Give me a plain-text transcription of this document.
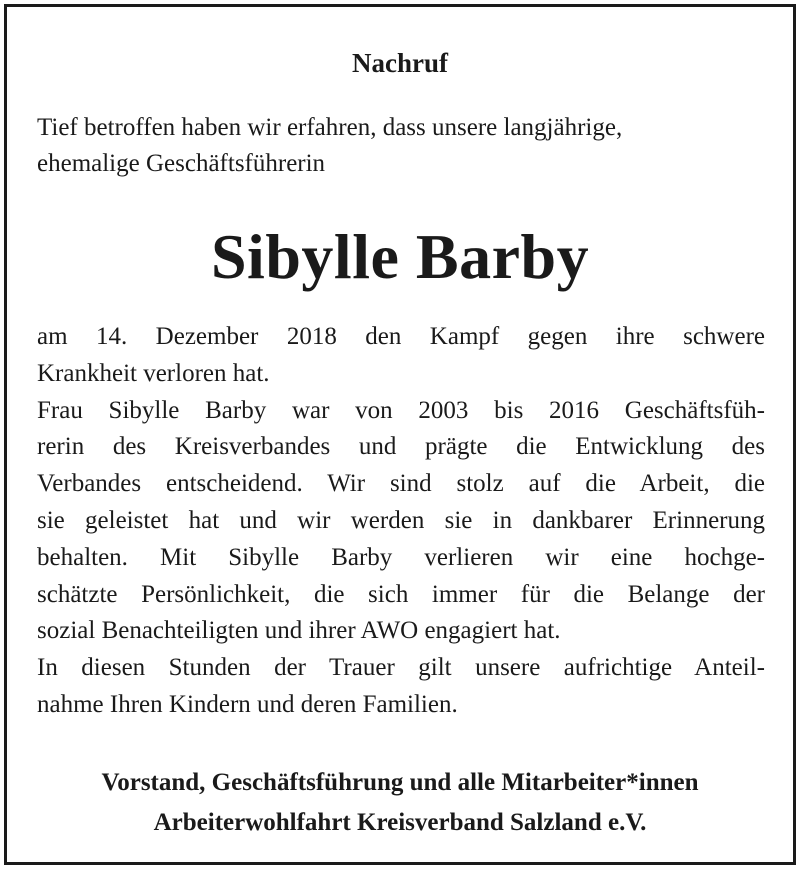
Nachruf
Tief betroffen haben wir erfahren, dass unsere langjährige,
ehemalige Geschäftsführerin
Sibylle Barby
am 14. Dezember 2018 den Kampf gegen ihre schwere
Krankheit verloren hat.
Frau Sibylle Barby war von 2003 bis 2016 Geschäftsfüh-
rerin des Kreisverbandes und prägte die Entwicklung des
Verbandes entscheidend. Wir sind stolz auf die Arbeit, die
sie geleistet hat und wir werden sie in dankbarer Erinnerung
behalten. Mit Sibylle Barby verlieren wir eine hochge-
schätzte Persönlichkeit, die sich immer für die Belange der
sozial Benachteiligten und ihrer AWO engagiert hat.
In diesen Stunden der Trauer gilt unsere aufrichtige Anteil-
nahme Ihren Kindern und deren Familien.
Vorstand, Geschäftsführung und alle Mitarbeiter*innen
Arbeiterwohlfahrt Kreisverband Salzland e.V.
